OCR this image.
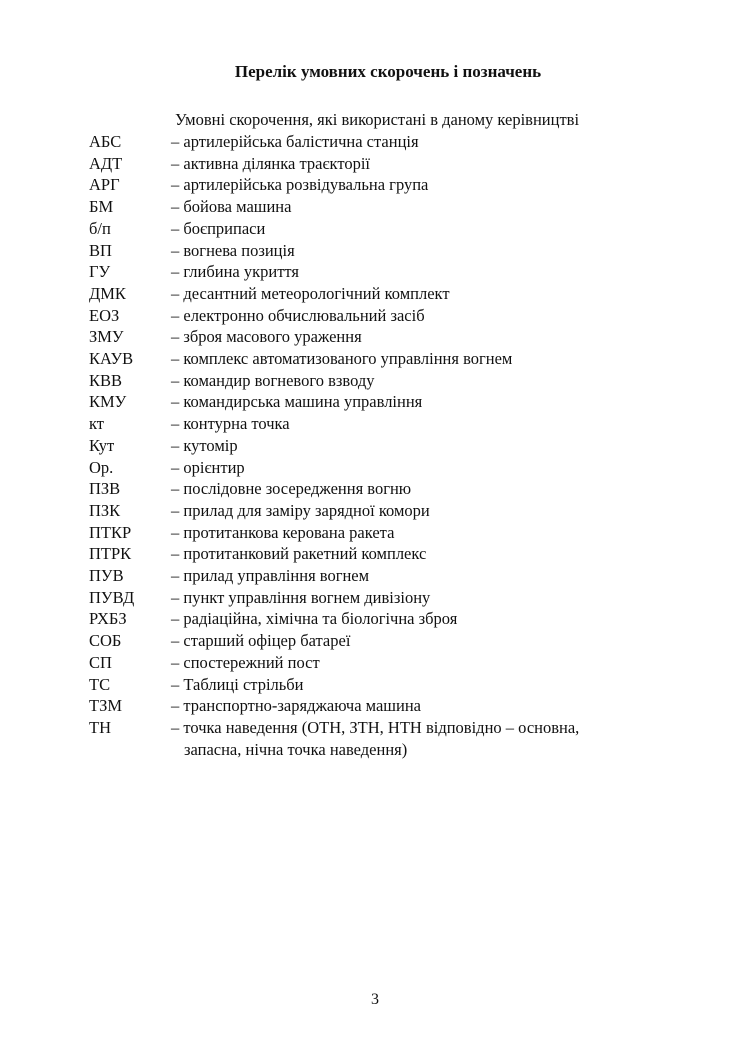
Перелік умовних скорочень і позначень
Умовні скорочення, які використані в даному керівництві
АБС	– артилерійська балістична станція
АДТ	– активна ділянка траєкторії
АРГ	– артилерійська розвідувальна група
БМ	– бойова машина
б/п	– боєприпаси
ВП	– вогнева позиція
ГУ	– глибина укриття
ДМК	– десантний метеорологічний комплект
ЕОЗ	– електронно обчислювальний засіб
ЗМУ	– зброя масового ураження
КАУВ	– комплекс автоматизованого управління вогнем
КВВ	– командир вогневого взводу
КМУ	– командирська машина управління
кт	– контурна точка
Кут	– кутомір
Ор.	– орієнтир
ПЗВ	– послідовне зосередження вогню
ПЗК	– прилад для заміру зарядної комори
ПТКР	– протитанкова керована ракета
ПТРК	– протитанковий ракетний комплекс
ПУВ	– прилад управління вогнем
ПУВД	– пункт управління вогнем дивізіону
РХБЗ	– радіаційна, хімічна та біологічна зброя
СОБ	– старший офіцер батареї
СП	– спостережний пост
ТС	– Таблиці стрільби
ТЗМ	– транспортно-заряджаюча машина
ТН	– точка наведення (ОТН, ЗТН, НТН відповідно – основна,
запасна, нічна точка наведення)
3
